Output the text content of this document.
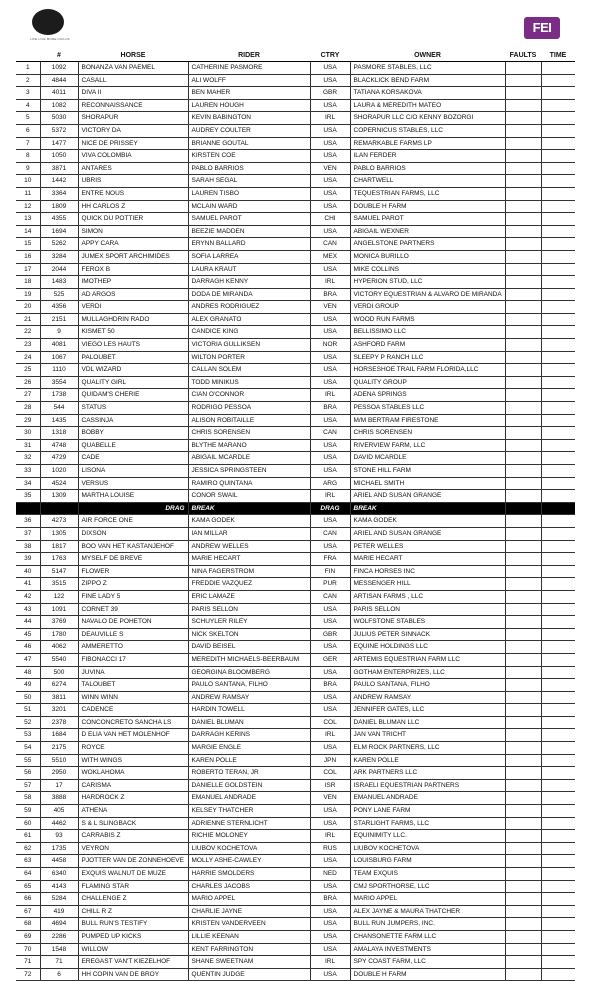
LIFE LIVE MORE INCLUS
FEI
	#	HORSE	RIDER	CTRY	OWNER	FAULTS	TIME
1	1092	BONANZA VAN PAEMEL	CATHERINE PASMORE	USA	PASMORE STABLES, LLC		
2	4844	CASALL	ALI WOLFF	USA	BLACKLICK BEND FARM		
3	4011	DIVA II	BEN MAHER	GBR	TATIANA KORSAKOVA		
4	1082	RECONNAISSANCE	LAUREN HOUGH	USA	LAURA & MEREDITH MATEO		
5	5030	SHORAPUR	KEVIN BABINGTON	IRL	SHORAPUR LLC C/O KENNY BOZORGI		
6	5372	VICTORY DA	AUDREY COULTER	USA	COPERNICUS STABLES, LLC		
7	1477	NICE DE PRISSEY	BRIANNE GOUTAL	USA	REMARKABLE FARMS LP		
8	1050	VIVA COLOMBIA	KIRSTEN COE	USA	ILAN FERDER		
9	3871	ANTARES	PABLO BARRIOS	VEN	PABLO BARRIOS		
10	1442	UBRIS	SARAH SEGAL	USA	CHARTWELL		
11	3364	ENTRE NOUS	LAUREN TISBO	USA	TEQUESTRIAN FARMS, LLC		
12	1809	HH CARLOS Z	MCLAIN WARD	USA	DOUBLE H FARM		
13	4355	QUICK DU POTTIER	SAMUEL PAROT	CHI	SAMUEL PAROT		
14	1694	SIMON	BEEZIE MADDEN	USA	ABIGAIL WEXNER		
15	5262	APPY CARA	ERYNN BALLARD	CAN	ANGELSTONE PARTNERS		
16	3284	JUMEX SPORT ARCHIMIDES	SOFIA LARREA	MEX	MONICA BURILLO		
17	2044	FEROX B	LAURA KRAUT	USA	MIKE COLLINS		
18	1483	IMOTHEP	DARRAGH KENNY	IRL	HYPERION STUD, LLC		
19	525	AD ARGOS	DODA DE MIRANDA	BRA	VICTORY EQUESTRIAN & ALVARO DE MIRANDA		
20	4356	VERDI	ANDRES RODRIGUEZ	VEN	VERDI GROUP		
21	2151	MULLAGHDRIN RADO	ALEX GRANATO	USA	WOOD RUN FARMS		
22	9	KISMET 50	CANDICE KING	USA	BELLISSIMO LLC		
23	4081	VIEGO LES HAUTS	VICTORIA GULLIKSEN	NOR	ASHFORD FARM		
24	1067	PALOUBET	WILTON PORTER	USA	SLEEPY P RANCH LLC		
25	1110	VDL WIZARD	CALLAN SOLEM	USA	HORSESHOE TRAIL FARM FLORIDA,LLC		
26	3554	QUALITY GIRL	TODD MINIKUS	USA	QUALITY GROUP		
27	1738	QUIDAM'S CHERIE	CIAN O'CONNOR	IRL	ADENA SPRINGS		
28	544	STATUS	RODRIGO PESSOA	BRA	PESSOA STABLES LLC		
29	1435	CASSINJA	ALISON ROBITAILLE	USA	M/M BERTRAM FIRESTONE		
30	1318	BOBBY	CHRIS SORENSEN	CAN	CHRIS SORENSEN		
31	4748	QUABELLE	BLYTHE MARANO	USA	RIVERVIEW FARM, LLC		
32	4729	CADE	ABIGAIL MCARDLE	USA	DAVID MCARDLE		
33	1020	LISONA	JESSICA SPRINGSTEEN	USA	STONE HILL FARM		
34	4524	VERSUS	RAMIRO QUINTANA	ARG	MICHAEL SMITH		
35	1309	MARTHA LOUISE	CONOR SWAIL	IRL	ARIEL AND SUSAN GRANGE		
		DRAG	BREAK	DRAG	BREAK		
36	4273	AIR FORCE ONE	KAMA GODEK	USA	KAMA GODEK		
37	1305	DIXSON	IAN MILLAR	CAN	ARIEL AND SUSAN GRANGE		
38	1817	BOO VAN HET KASTANJEHOF	ANDREW WELLES	USA	PETER WELLES		
39	1763	MYSELF DE BREVE	MARIE HECART	FRA	MARIE HECART		
40	5147	FLOWER	NINA FAGERSTROM	FIN	FINCA HORSES INC		
41	3515	ZIPPO Z	FREDDIE VAZQUEZ	PUR	MESSENGER HILL		
42	122	FINE LADY 5	ERIC LAMAZE	CAN	ARTISAN FARMS , LLC		
43	1091	CORNET 39	PARIS SELLON	USA	PARIS SELLON		
44	3769	NAVALO DE POHETON	SCHUYLER RILEY	USA	WOLFSTONE STABLES		
45	1780	DEAUVILLE S	NICK SKELTON	GBR	JULIUS PETER SINNACK		
46	4062	AMMERETTO	DAVID BEISEL	USA	EQUINE HOLDINGS LLC		
47	5540	FIBONACCI 17	MEREDITH MICHAELS-BEERBAUM	GER	ARTEMIS EQUESTRIAN FARM LLC		
48	500	JUVINA	GEORGINA BLOOMBERG	USA	GOTHAM ENTERPRIZES, LLC		
49	6274	TALOUBET	PAULO SANTANA, FILHO	BRA	PAULO SANTANA, FILHO		
50	3811	WINN WINN	ANDREW RAMSAY	USA	ANDREW RAMSAY		
51	3201	CADENCE	HARDIN TOWELL	USA	JENNIFER GATES, LLC		
52	2378	CONCONCRETO SANCHA LS	DANIEL BLUMAN	COL	DANIEL BLUMAN LLC		
53	1684	D ELIA VAN HET MOLENHOF	DARRAGH KERINS	IRL	JAN VAN TRICHT		
54	2175	ROYCE	MARGIE ENGLE	USA	ELM ROCK PARTNERS, LLC		
55	5510	WITH WINGS	KAREN POLLE	JPN	KAREN POLLE		
56	2950	WOKLAHOMA	ROBERTO TERAN, JR	COL	ARK PARTNERS LLC		
57	17	CARISMA	DANIELLE GOLDSTEIN	ISR	ISRAELI EQUESTRIAN PARTNERS		
58	3888	HARDROCK Z	EMANUEL ANDRADE	VEN	EMANUEL ANDRADE		
59	405	ATHENA	KELSEY THATCHER	USA	PONY LANE FARM		
60	4462	S & L SLINGBACK	ADRIENNE STERNLICHT	USA	STARLIGHT FARMS, LLC		
61	93	CARRABIS Z	RICHIE MOLONEY	IRL	EQUINIMITY LLC.		
62	1735	VEYRON	LIUBOV KOCHETOVA	RUS	LIUBOV KOCHETOVA		
63	4458	PJOTTER VAN DE ZONNEHOEVE	MOLLY ASHE-CAWLEY	USA	LOUISBURG FARM		
64	6340	EXQUIS WALNUT DE MUZE	HARRIE SMOLDERS	NED	TEAM EXQUIS		
65	4143	FLAMING STAR	CHARLES JACOBS	USA	CMJ SPORTHORSE, LLC		
66	5284	CHALLENGE Z	MARIO APPEL	BRA	MARIO APPEL		
67	419	CHILL R Z	CHARLIE JAYNE	USA	ALEX JAYNE & MAURA THATCHER		
68	4694	BULL RUN'S TESTIFY	KRISTEN VANDERVEEN	USA	BULL RUN JUMPERS, INC.		
69	2286	PUMPED UP KICKS	LILLIE KEENAN	USA	CHANSONETTE FARM LLC		
70	1548	WILLOW	KENT FARRINGTON	USA	AMALAYA INVESTMENTS		
71	71	EREGAST VAN'T KIEZELHOF	SHANE SWEETNAM	IRL	SPY COAST FARM, LLC		
72	6	HH COPIN VAN DE BROY	QUENTIN JUDGE	USA	DOUBLE H FARM		
